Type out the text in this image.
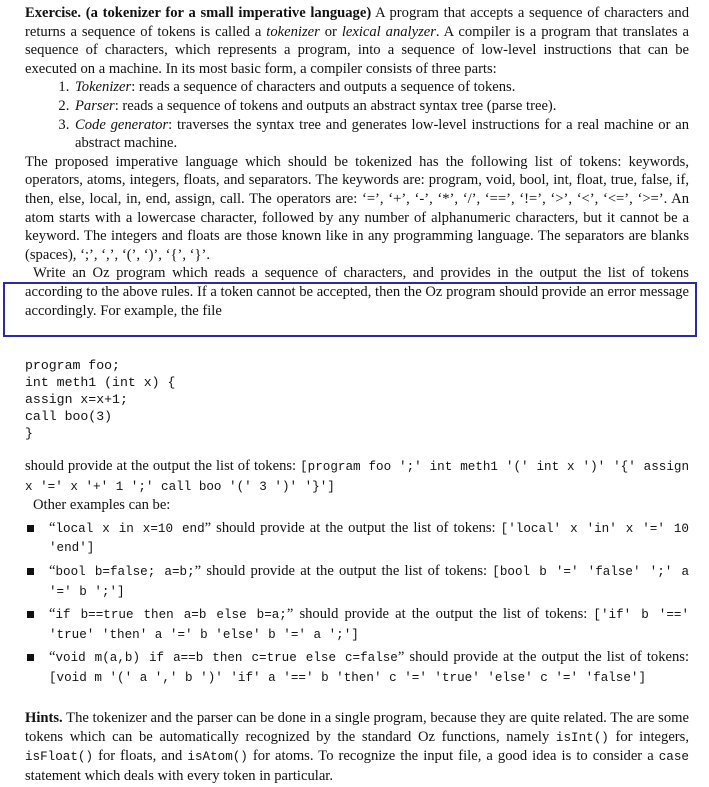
Exercise. (a tokenizer for a small imperative language) A program that accepts a sequence of characters and returns a sequence of tokens is called a tokenizer or lexical analyzer. A compiler is a program that translates a sequence of characters, which represents a program, into a sequence of low-level instructions that can be executed on a machine. In its most basic form, a compiler consists of three parts:

1. Tokenizer: reads a sequence of characters and outputs a sequence of tokens.
2. Parser: reads a sequence of tokens and outputs an abstract syntax tree (parse tree).
3. Code generator: traverses the syntax tree and generates low-level instructions for a real machine or an abstract machine.

The proposed imperative language which should be tokenized has the following list of tokens: keywords, operators, atoms, integers, floats, and separators. The keywords are: program, void, bool, int, float, true, false, if, then, else, local, in, end, assign, call. The operators are: ‘=’, ‘+’, ‘-’, ‘*’, ‘/’, ‘==’, ‘!=’, ‘>’, ‘<’, ‘<=’, ‘>=’. An atom starts with a lowercase character, followed by any number of alphanumeric characters, but it cannot be a keyword. The integers and floats are those known like in any programming language. The separators are blanks (spaces), ‘;’, ‘,’, ‘(’, ‘)’, ‘{’, ‘}’.

Write an Oz program which reads a sequence of characters, and provides in the output the list of tokens according to the above rules. If a token cannot be accepted, then the Oz program should provide an error message accordingly. For example, the file

program foo;
int meth1 (int x) {
assign x=x+1;
call boo(3)
}

should provide at the output the list of tokens: [program foo ';' int meth1 '(' int x ')' '{' assign x '=' x '+' 1 ';' call boo '(' 3 ')' '}']

Other examples can be:

“local x in x=10 end” should provide at the output the list of tokens: ['local' x 'in' x '=' 10 'end']
“bool b=false; a=b;” should provide at the output the list of tokens: [bool b '=' 'false' ';' a '=' b ';']
“if b==true then a=b else b=a;” should provide at the output the list of tokens: ['if' b '==' 'true' 'then' a '=' b 'else' b '=' a ';']
“void m(a,b) if a==b then c=true else c=false” should provide at the output the list of tokens: [void m '(' a ',' b ')' 'if' a '==' b 'then' c '=' 'true' 'else' c '=' 'false']
Hints. The tokenizer and the parser can be done in a single program, because they are quite related. The are some tokens which can be automatically recognized by the standard Oz functions, namely isInt() for integers, isFloat() for floats, and isAtom() for atoms. To recognize the input file, a good idea is to consider a case statement which deals with every token in particular.
